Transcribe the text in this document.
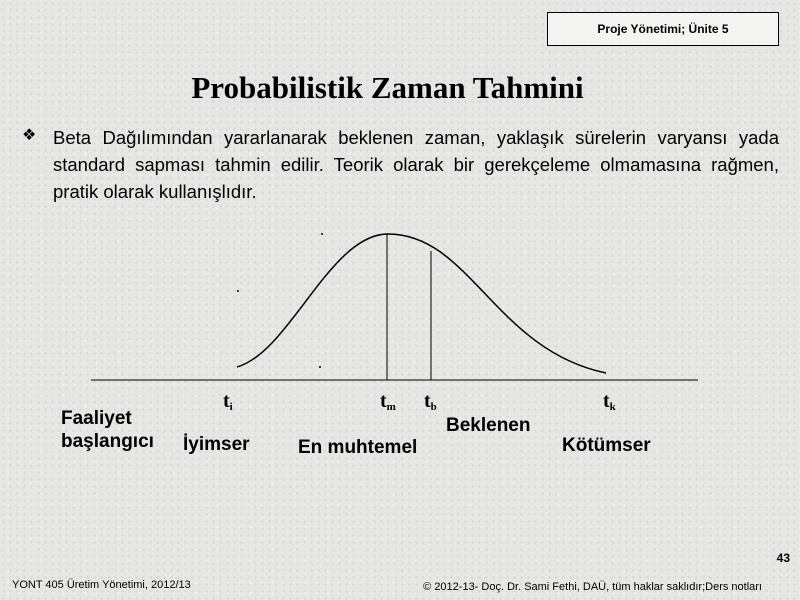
Proje Yönetimi; Ünite 5
Probabilistik Zaman Tahmini
❖ Beta Dağılımından yararlanarak beklenen zaman, yaklaşık sürelerin varyansı yada standard sapması tahmin edilir. Teorik olarak bir gerekçeleme olmamasına rağmen, pratik olarak kullanışlıdır.
$t_i$	$t_m$ $t_b$	$t_k$
Faaliyet
başlangıcı İyimser	En muhtemel
Beklenen
Kötümser
43
YONT 405 Üretim Yönetimi, 2012/13	© 2012-13- Doç. Dr. Sami Fethi, DAÜ, tüm haklar saklıdır;Ders notları
